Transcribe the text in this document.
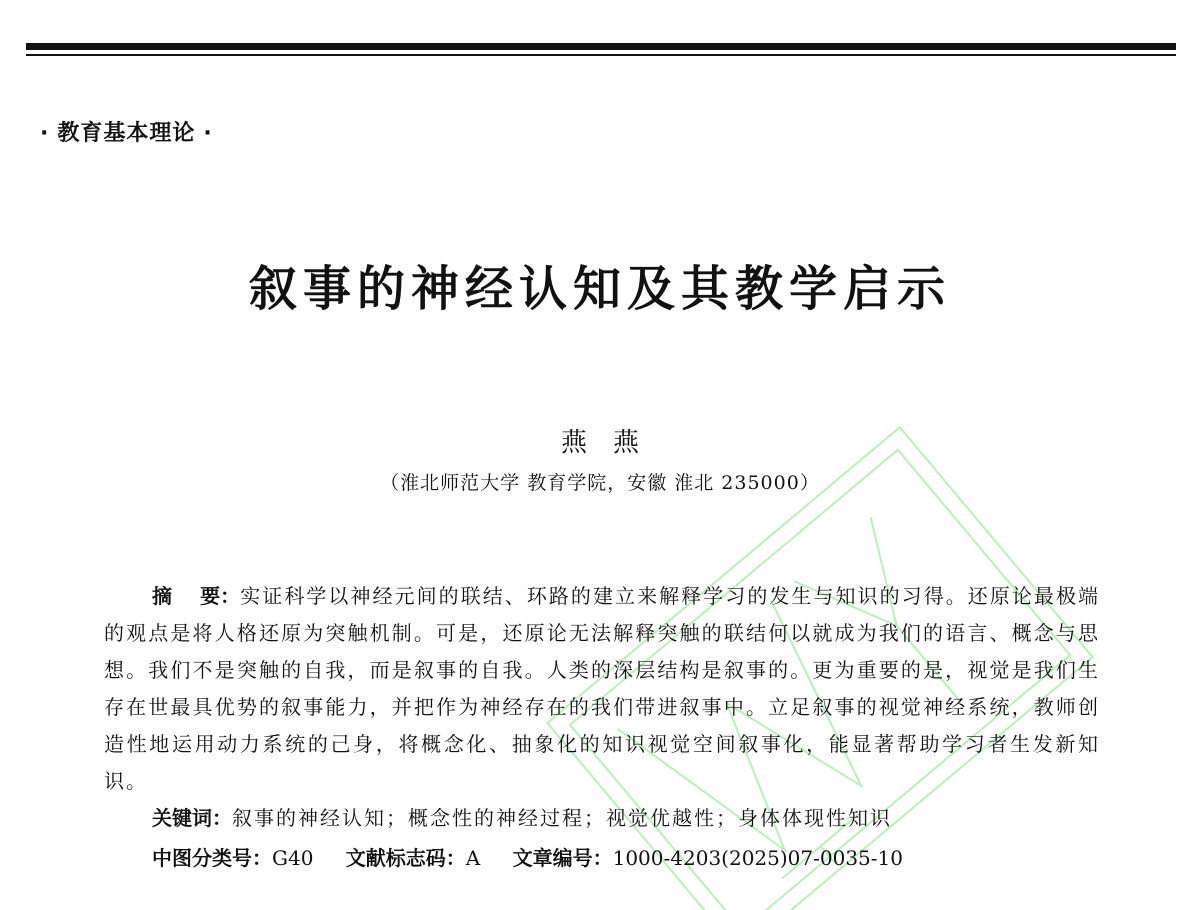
· 教育基本理论 ·
叙事的神经认知及其教学启示
燕燕
（淮北师范大学 教育学院，安徽 淮北 235000）
摘 要：实证科学以神经元间的联结、环路的建立来解释学习的发生与知识的习得。还原论最极端的观点是将人格还原为突触机制。可是，还原论无法解释突触的联结何以就成为我们的语言、概念与思想。我们不是突触的自我，而是叙事的自我。人类的深层结构是叙事的。更为重要的是，视觉是我们生存在世最具优势的叙事能力，并把作为神经存在的我们带进叙事中。立足叙事的视觉神经系统，教师创造性地运用动力系统的己身，将概念化、抽象化的知识视觉空间叙事化，能显著帮助学习者生发新知识。
关键词：叙事的神经认知；概念性的神经过程；视觉优越性；身体体现性知识
中图分类号：G40 文献标志码：A 文章编号：1000-4203(2025)07-0035-10
